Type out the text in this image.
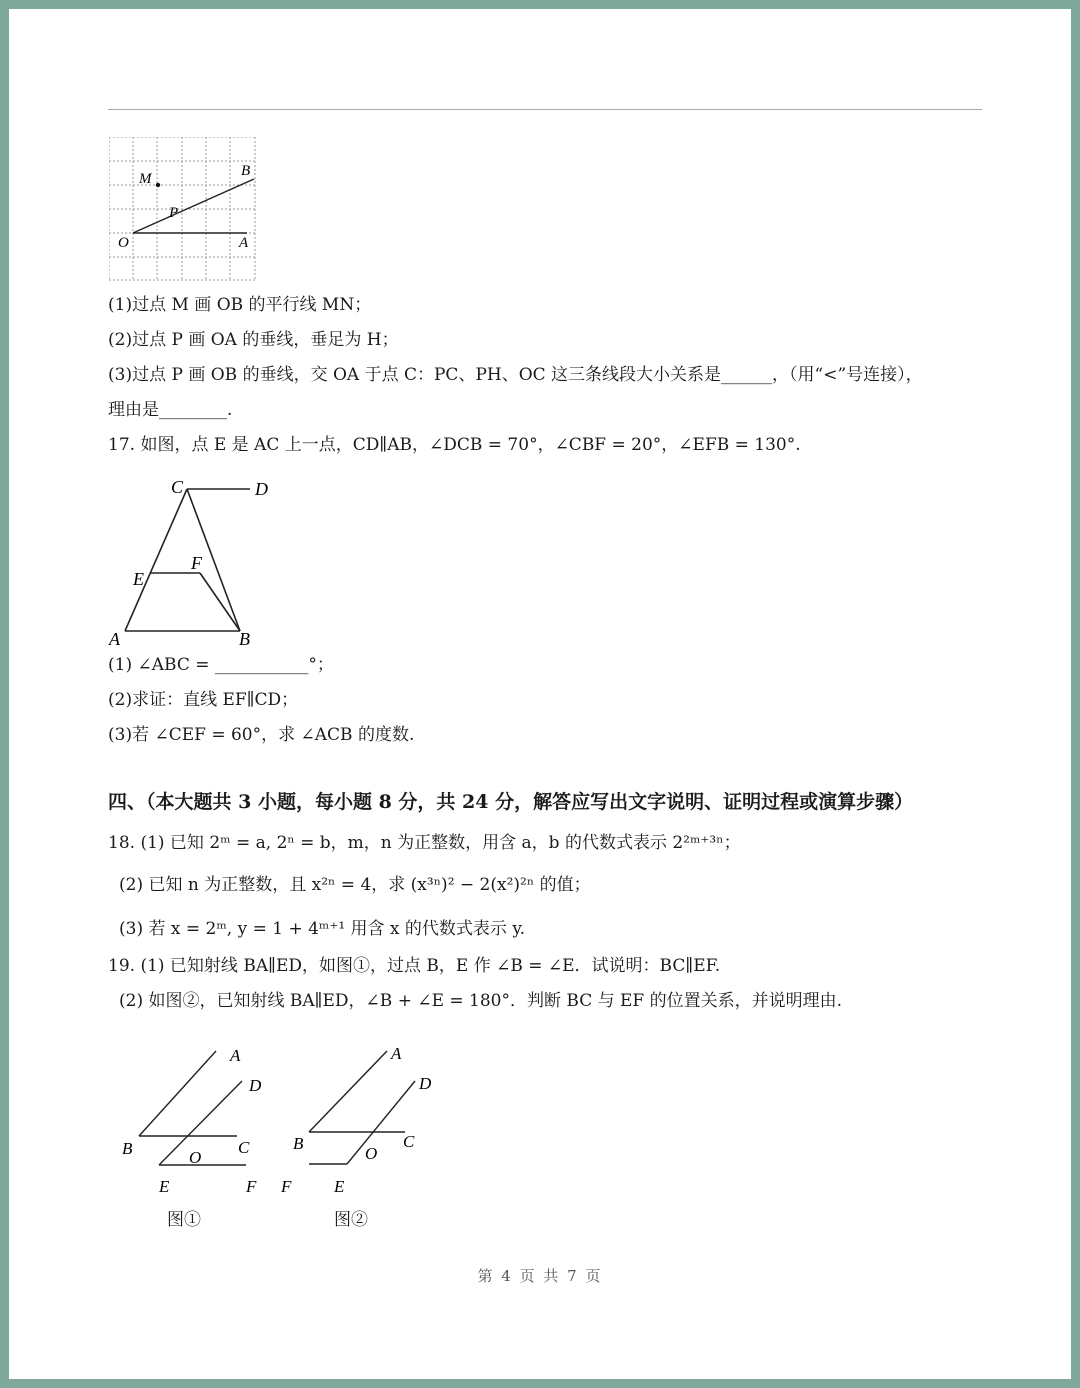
M	B
P
O	A
(1)过点 M 画 OB 的平行线 MN；
(2)过点 P 画 OA 的垂线，垂足为 H；
(3)过点 P 画 OB 的垂线，交 OA 于点 C：PC、PH、OC 这三条线段大小关系是______，（用“<”号连接），
理由是________.
17. 如图，点 E 是 AC 上一点，CD∥AB，∠DCB = 70°，∠CBF = 20°，∠EFB = 130°.
C	D
E
F
A	B
(1) ∠ABC = ___________°；
(2)求证：直线 EF∥CD；
(3)若 ∠CEF = 60°，求 ∠ACB 的度数.
四、（本大题共 3 小题，每小题 8 分，共 24 分，解答应写出文字说明、证明过程或演算步骤）
18. (1) 已知 2ᵐ = a, 2ⁿ = b，m，n 为正整数，用含 a，b 的代数式表示 2²ᵐ⁺³ⁿ；
(2) 已知 n 为正整数，且 x²ⁿ = 4，求 (x³ⁿ)² − 2(x²)²ⁿ 的值；
(3) 若 x = 2ᵐ, y = 1 + 4ᵐ⁺¹ 用含 x 的代数式表示 y.
19. (1) 已知射线 BA∥ED，如图①，过点 B，E 作 ∠B = ∠E．试说明：BC∥EF.
(2) 如图②，已知射线 BA∥ED，∠B + ∠E = 180°．判断 BC 与 EF 的位置关系，并说明理由.
A
D
B	O
C
E	F
图①
A
D
B
O
C
F	E
图②
第 4 页 共 7 页
